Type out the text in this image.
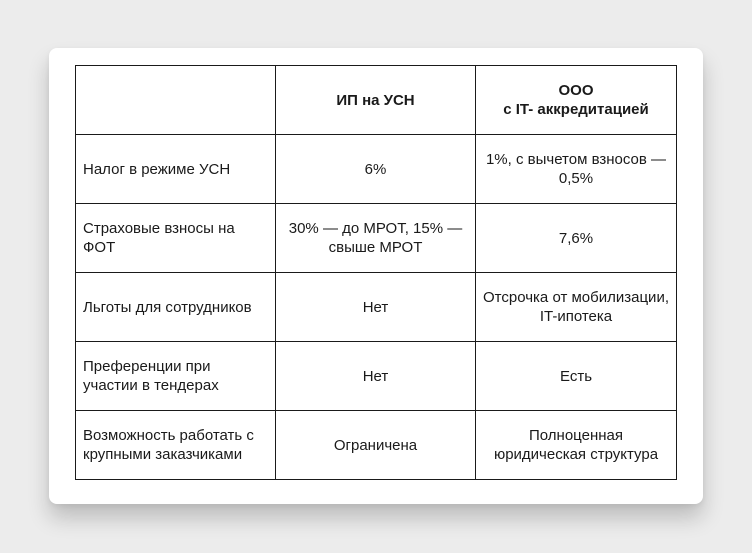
	ИП на УСН	ООО
с IT- аккредитацией
Налог в режиме УСН	6%	1%, с вычетом взносов — 0,5%
Страховые взносы на ФОТ	30% — до МРОТ, 15% — свыше МРОТ	7,6%
Льготы для сотрудников	Нет	Отсрочка от мобилизации, IT-ипотека
Преференции при участии в тендерах	Нет	Есть
Возможность работать с крупными заказчиками	Ограничена	Полноценная юридическая структура
